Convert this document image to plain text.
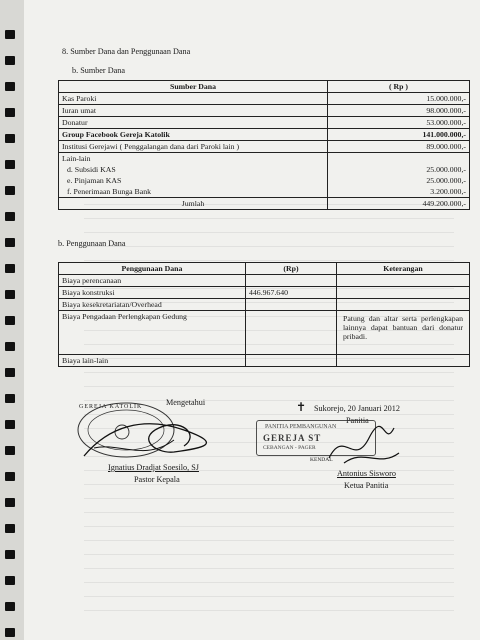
8. Sumber Dana dan Penggunaan Dana
b. Sumber Dana
Sumber Dana	( Rp )
Kas Paroki	15.000.000,-
Iuran umat	98.000.000,-
Donatur	53.000.000,-
Group Facebook Gereja Katolik	141.000.000,-
Institusi Gerejawi ( Penggalangan dana dari Paroki lain )	89.000.000,-
Lain-lain	
d. Subsidi KAS	25.000.000,-
e. Pinjaman KAS	25.000.000,-
f. Penerimaan Bunga Bank	3.200.000,-
Jumlah	449.200.000,-
b. Penggunaan Dana
Penggunaan Dana	(Rp)	Keterangan
Biaya perencanaan		
Biaya konstruksi	446.967.640	
Biaya kesekretariatan/Overhead		
Biaya Pengadaan Perlengkapan Gedung		Patung dan altar serta perlengkapan lainnya dapat bantuan dari donatur pribadi.
Biaya lain-lain		
GEREJA KATOLIK	Mengetahui
Ignatius Dradjat Soesilo, SJ
Pastor Kepala
Sukorejo, 20 Januari 2012
Panitia
✝
PANITIA PEMBANGUNAN
GEREJA ST
CEBANGAN - PAGER
KENDAL
Antonius Sisworo
Ketua Panitia
